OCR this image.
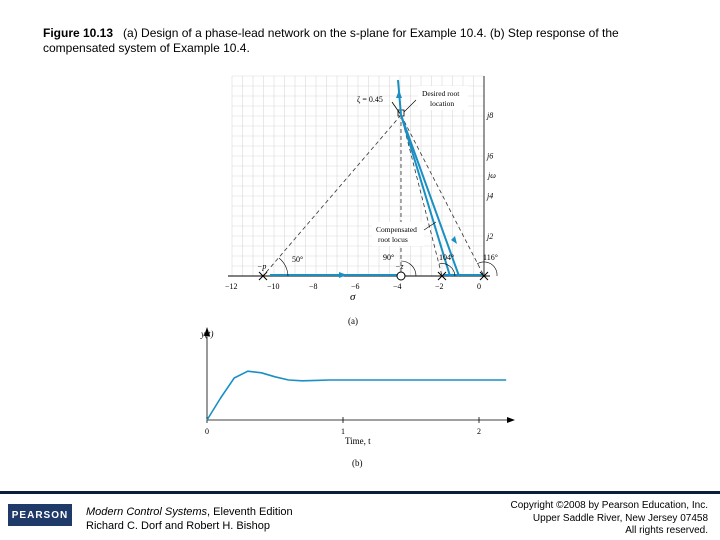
Figure 10.13 (a) Design of a phase-lead network on the s-plane for Example 10.4. (b) Step response of the compensated system of Example 10.4.
−12	−10	−8	−6	−4	−2	0
j2
j4
j6
j8
σ
jω
(a)
ζ = 0.45
Desired root
location
Compensated
root locus
50°	90°	104°	116°
−p	−z
0	1	2
y(t)
Time, t
(b)
PEARSON	Modern Control Systems, Eleventh Edition
Richard C. Dorf and Robert H. Bishop
Copyright ©2008 by Pearson Education, Inc.
Upper Saddle River, New Jersey 07458
All rights reserved.
